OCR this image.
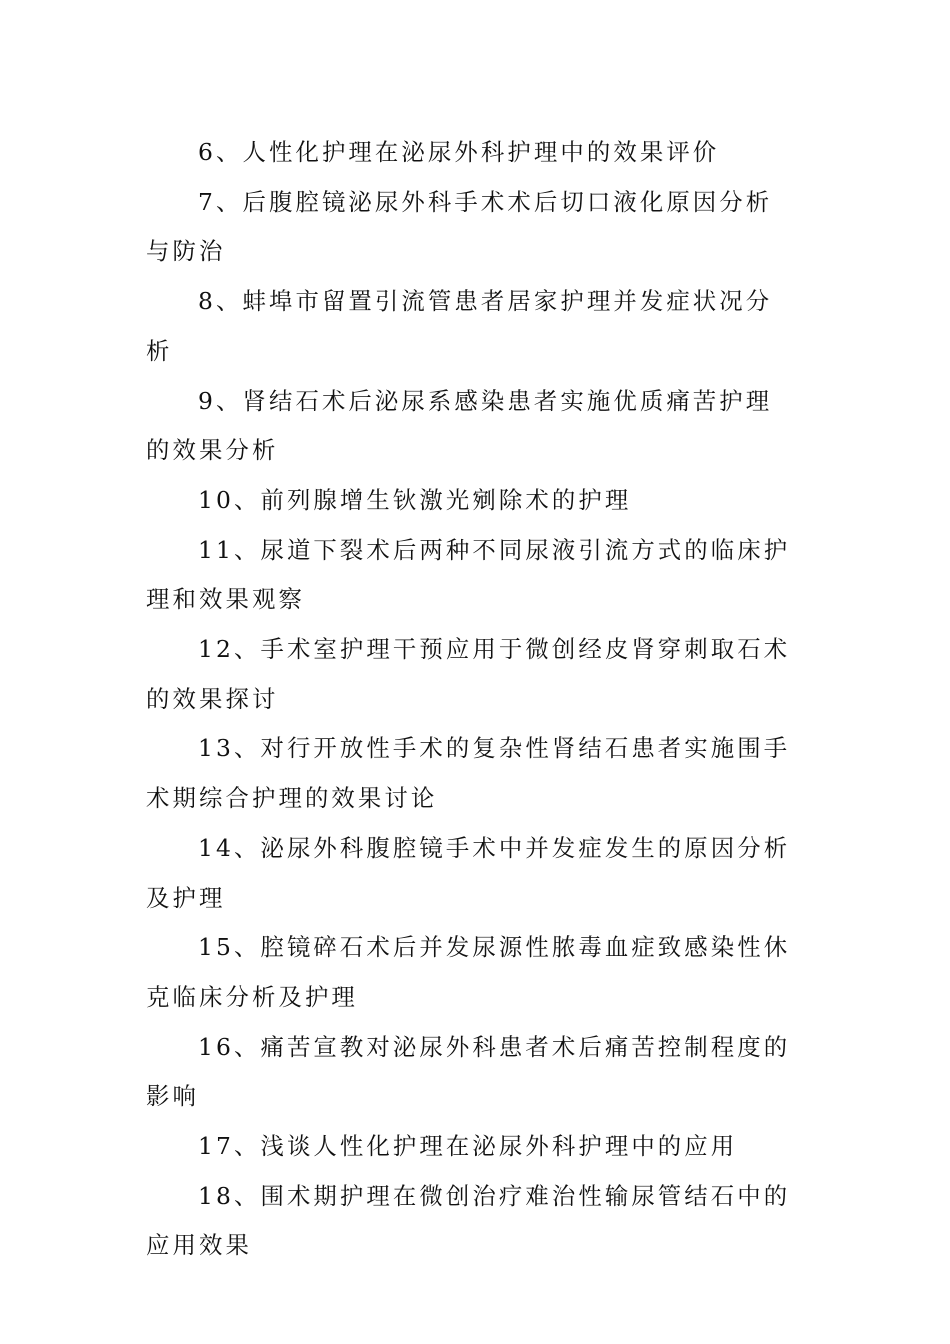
6、人性化护理在泌尿外科护理中的效果评价

7、后腹腔镜泌尿外科手术术后切口液化原因分析与防治

8、蚌埠市留置引流管患者居家护理并发症状况分析

9、肾结石术后泌尿系感染患者实施优质痛苦护理的效果分析

10、前列腺增生钬激光剜除术的护理

11、尿道下裂术后两种不同尿液引流方式的临床护理和效果观察

12、手术室护理干预应用于微创经皮肾穿刺取石术的效果探讨

13、对行开放性手术的复杂性肾结石患者实施围手术期综合护理的效果讨论

14、泌尿外科腹腔镜手术中并发症发生的原因分析及护理

15、腔镜碎石术后并发尿源性脓毒血症致感染性休克临床分析及护理

16、痛苦宣教对泌尿外科患者术后痛苦控制程度的影响

17、浅谈人性化护理在泌尿外科护理中的应用

18、围术期护理在微创治疗难治性输尿管结石中的应用效果
